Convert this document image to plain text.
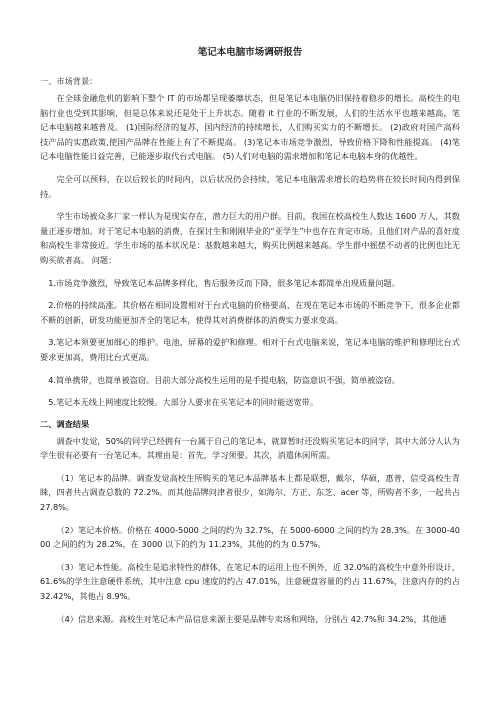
笔记本电脑市场调研报告
一、市场背景：

在全球金融危机的影响下整个 IT 的市场都呈现萎靡状态，但是笔记本电脑仍旧保持着稳步的增长。高校生的电脑行业也受到其影响，但是总体来说还是处于上升状态。随着 it 行业的不断发展，人们的生活水平也越来越高，笔记本电脑越来越普及。 (1)国际经济的复苏，国内经济的持续增长，人们购买实力的不断增长。 (2)政府对国产高科技产品的实惠政策,使国产品牌在性能上有了不断提高。 (3)笔记本市场竞争激烈，导致价格下降和性能提高。 (4)笔记本电脑性能日益完善，已能逐步取代台式电脑。 (5)人们对电脑的需求增加和笔记本电脑本身的优越性。

完全可以预料，在以后较长的时间内，以后状况仍会持续，笔记本电脑需求增长的趋势将在较长时间内得到保持。

学生市场被众多厂家一样认为是现实存在，潜力巨大的用户群。目前，我国在校高校生人数达 1600 万人，其数量正逐步增加。对于笔记本电脑的消费，在探讨生和刚刚毕业的“亚学生”中也存在肯定市场。且他们对产品的喜好度和高校生非常接近。学生市场的基本状况是：基数越来越大，购买比例越来越高。学生群中摇摆不动者的比例也比无购买欲者高。 问题：

1.市场竞争激烈，导致笔记本品牌多样化，售后服务反而下降，很多笔记本都简单出现质量问题。

2.价格的持续高涨。其价格在相同设置相对于台式电脑的价格要高，在现在笔记本市场的不断竞争下，很多企业都不断的创新，研发功能更加齐全的笔记本，使得其对消费群体的消费实力要求变高。

3.笔记本须要更加细心的维护。电池，屏幕的爱护和修理。相对于台式电脑来说，笔记本电脑的维护和修理比台式要求更加高，费用比台式更高。

4.简单携带，也简单被盗窃。目前大部分高校生运用的是手提电脑，防盗意识不强，简单被盗窃。

5.笔记本无线上网速度比较慢。大部分人要求在买笔记本的同时能送宽带。

二、调查结果

调查中发觉，50%的同学已经拥有一台属于自己的笔记本，就算暂时还没购买笔记本的同学，其中大部分人认为学生很有必要有一台笔记本。其理由是：首先，学习须要。其次，消遣休闲所需。

（1）笔记本的品牌。调查发觉高校生所购买的笔记本品牌基本上都是联想，戴尔，华硕，惠普，信受高校生青睐，四者共占调查总数的 72.2%。而其他品牌问津者很少，如海尔、方正、东芝、acer 等，所购者不多，一起共占 27.8%。

（2）笔记本价格。价格在 4000-5000 之间的约为 32.7%，在 5000-6000 之间的约为 28.3%。在 3000-4000 之间的约为 28.2%，在 3000 以下的约为 11.23%，其他的约为 0.57%。

（3）笔记本性能。高校生是追求特性的群体，在笔记本的运用上也不例外，近 32.0%的高校生中意外形设计，61.6%的学生注意硬件系统，其中注意 cpu 速度的约占 47.01%，注意硬盘容量的约占 11.67%，注意内存的约占 32.42%，其他占 8.9%。

（4）信息来源。高校生对笔记本产品信息来源主要是品牌专卖场和网络，分别占 42.7%和 34.2%，其他通
